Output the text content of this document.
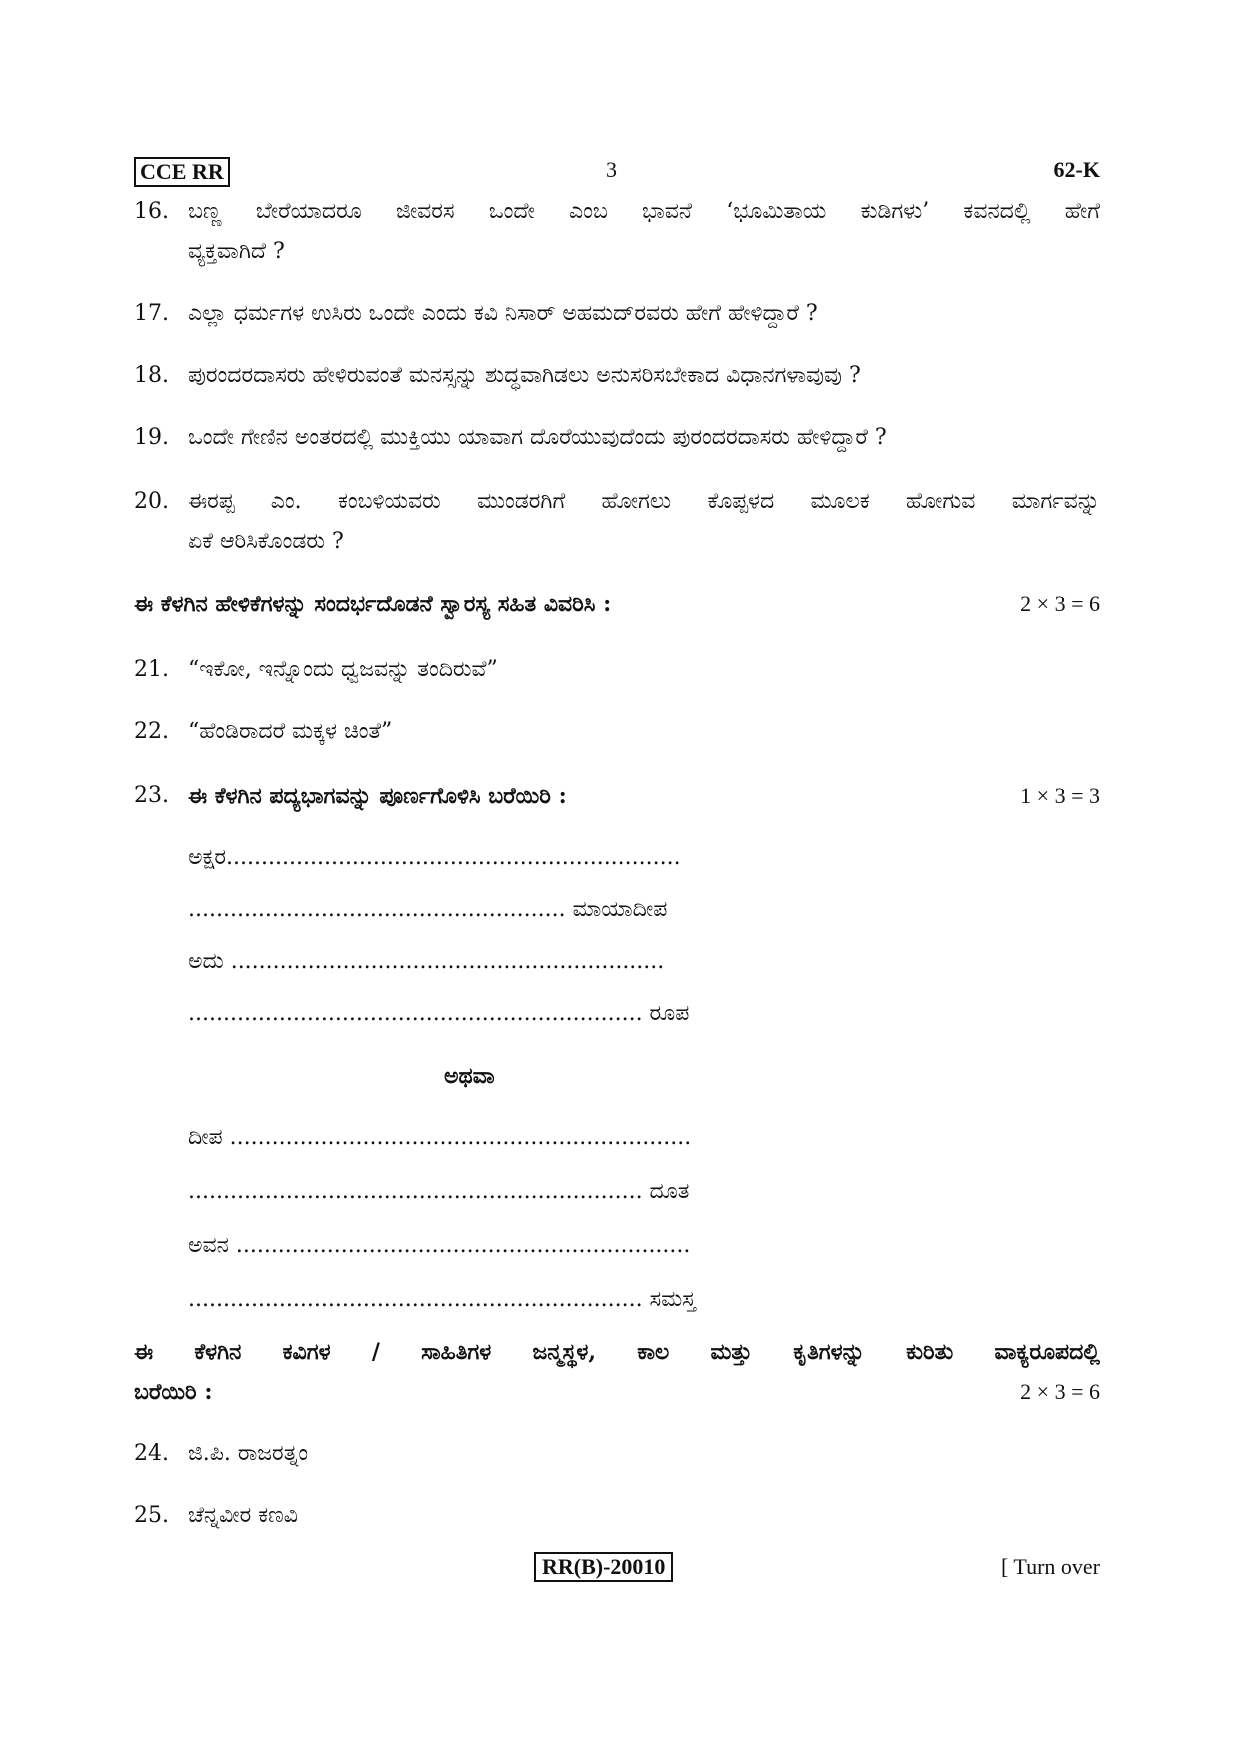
CCE RR	3	62-K
16. ಬಣ್ಣ ಬೇರೆಯಾದರೂ ಜೀವರಸ ಒಂದೇ ಎಂಬ ಭಾವನೆ ‘ಭೂಮಿತಾಯ ಕುಡಿಗಳು’ ಕವನದಲ್ಲಿ ಹೇಗೆ
ವ್ಯಕ್ತವಾಗಿದೆ ?
17. ಎಲ್ಲಾ ಧರ್ಮಗಳ ಉಸಿರು ಒಂದೇ ಎಂದು ಕವಿ ನಿಸಾರ್ ಅಹಮದ್‌ರವರು ಹೇಗೆ ಹೇಳಿದ್ದಾರೆ ?
18. ಪುರಂದರದಾಸರು ಹೇಳಿರುವಂತೆ ಮನಸ್ಸನ್ನು ಶುದ್ಧವಾಗಿಡಲು ಅನುಸರಿಸಬೇಕಾದ ವಿಧಾನಗಳಾವುವು ?
19. ಒಂದೇ ಗೇಣಿನ ಅಂತರದಲ್ಲಿ ಮುಕ್ತಿಯು ಯಾವಾಗ ದೊರೆಯುವುದೆಂದು ಪುರಂದರದಾಸರು ಹೇಳಿದ್ದಾರೆ ?
20. ಈರಪ್ಪ ಎಂ. ಕಂಬಳಿಯವರು ಮುಂಡರಗಿಗೆ ಹೋಗಲು ಕೊಪ್ಪಳದ ಮೂಲಕ ಹೋಗುವ ಮಾರ್ಗವನ್ನು
ಏಕೆ ಆರಿಸಿಕೊಂಡರು ?
ಈ ಕೆಳಗಿನ ಹೇಳಿಕೆಗಳನ್ನು ಸಂದರ್ಭದೊಡನೆ ಸ್ವಾರಸ್ಯ ಸಹಿತ ವಿವರಿಸಿ :	2 × 3 = 6
21. “ಇಕೋ, ಇನ್ನೊಂದು ಧ್ವಜವನ್ನು ತಂದಿರುವೆ”
22. “ಹೆಂಡಿರಾದರೆ ಮಕ್ಕಳ ಚಿಂತೆ”
23. ಈ ಕೆಳಗಿನ ಪದ್ಯಭಾಗವನ್ನು ಪೂರ್ಣಗೊಳಿಸಿ ಬರೆಯಿರಿ :	1 × 3 = 3
ಅಕ್ಷರ.................................................................
...................................................... ಮಾಯಾದೀಪ
ಅದು ..............................................................
................................................................. ರೂಪ
ಅಥವಾ
ದೀಪ ..................................................................
................................................................. ದೂತ
ಅವನ .................................................................
................................................................. ಸಮಸ್ತ
ಈ ಕೆಳಗಿನ ಕವಿಗಳ / ಸಾಹಿತಿಗಳ ಜನ್ಮಸ್ಥಳ, ಕಾಲ ಮತ್ತು ಕೃತಿಗಳನ್ನು ಕುರಿತು ವಾಕ್ಯರೂಪದಲ್ಲಿ
ಬರೆಯಿರಿ :	2 × 3 = 6
24. ಜಿ.ಪಿ. ರಾಜರತ್ನಂ
25. ಚೆನ್ನವೀರ ಕಣವಿ
RR(B)-20010	[ Turn over
